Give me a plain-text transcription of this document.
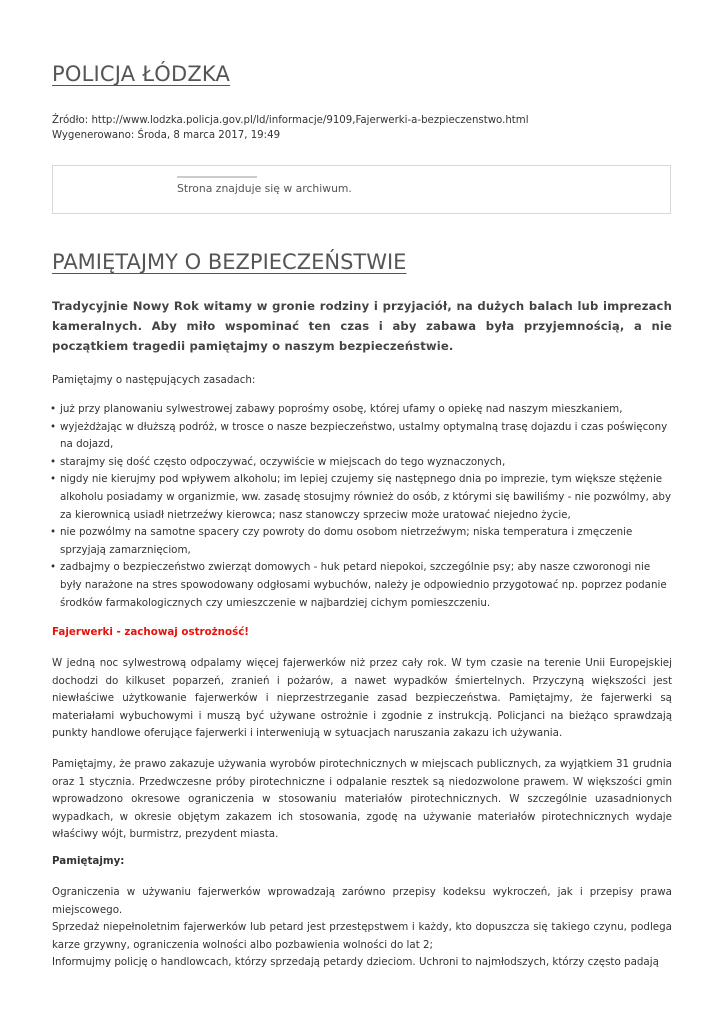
POLICJA ŁÓDZKA
Źródło: http://www.lodzka.policja.gov.pl/ld/informacje/9109,Fajerwerki-a-bezpieczenstwo.html
Wygenerowano: Środa, 8 marca 2017, 19:49
Strona znajduje się w archiwum.
PAMIĘTAJMY O BEZPIECZEŃSTWIE

Tradycyjnie Nowy Rok witamy w gronie rodziny i przyjaciół, na dużych balach lub imprezach kameralnych. Aby miło wspominać ten czas i aby zabawa była przyjemnością, a nie początkiem tragedii pamiętajmy o naszym bezpieczeństwie.

Pamiętajmy o następujących zasadach:
• już przy planowaniu sylwestrowej zabawy poprośmy osobę, której ufamy o opiekę nad naszym mieszkaniem,
• wyjeżdżając w dłuższą podróż, w trosce o nasze bezpieczeństwo, ustalmy optymalną trasę dojazdu i czas poświęcony na dojazd,
• starajmy się dość często odpoczywać, oczywiście w miejscach do tego wyznaczonych,
• nigdy nie kierujmy pod wpływem alkoholu; im lepiej czujemy się następnego dnia po imprezie, tym większe stężenie alkoholu posiadamy w organizmie, ww. zasadę stosujmy również do osób, z którymi się bawiliśmy - nie pozwólmy, aby za kierownicą usiadł nietrzeźwy kierowca; nasz stanowczy sprzeciw może uratować niejedno życie,
• nie pozwólmy na samotne spacery czy powroty do domu osobom nietrzeźwym; niska temperatura i zmęczenie sprzyjają zamarznięciom,
• zadbajmy o bezpieczeństwo zwierząt domowych - huk petard niepokoi, szczególnie psy; aby nasze czworonogi nie były narażone na stres spowodowany odgłosami wybuchów, należy je odpowiednio przygotować np. poprzez podanie środków farmakologicznych czy umieszczenie w najbardziej cichym pomieszczeniu.
Fajerwerki - zachowaj ostrożność!
W jedną noc sylwestrową odpalamy więcej fajerwerków niż przez cały rok. W tym czasie na terenie Unii Europejskiej dochodzi do kilkuset poparzeń, zranień i pożarów, a nawet wypadków śmiertelnych. Przyczyną większości jest niewłaściwe użytkowanie fajerwerków i nieprzestrzeganie zasad bezpieczeństwa. Pamiętajmy, że fajerwerki są materiałami wybuchowymi i muszą być używane ostrożnie i zgodnie z instrukcją. Policjanci na bieżąco sprawdzają punkty handlowe oferujące fajerwerki i interweniują w sytuacjach naruszania zakazu ich używania.
Pamiętajmy, że prawo zakazuje używania wyrobów pirotechnicznych w miejscach publicznych, za wyjątkiem 31 grudnia oraz 1 stycznia. Przedwczesne próby pirotechniczne i odpalanie resztek są niedozwolone prawem. W większości gmin wprowadzono okresowe ograniczenia w stosowaniu materiałów pirotechnicznych. W szczególnie uzasadnionych wypadkach, w okresie objętym zakazem ich stosowania, zgodę na używanie materiałów pirotechnicznych wydaje właściwy wójt, burmistrz, prezydent miasta.
Pamiętajmy:
Ograniczenia w używaniu fajerwerków wprowadzają zarówno przepisy kodeksu wykroczeń, jak i przepisy prawa miejscowego.
Sprzedaż niepełnoletnim fajerwerków lub petard jest przestępstwem i każdy, kto dopuszcza się takiego czynu, podlega karze grzywny, ograniczenia wolności albo pozbawienia wolności do lat 2;
Informujmy policję o handlowcach, którzy sprzedają petardy dzieciom. Uchroni to najmłodszych, którzy często padają
